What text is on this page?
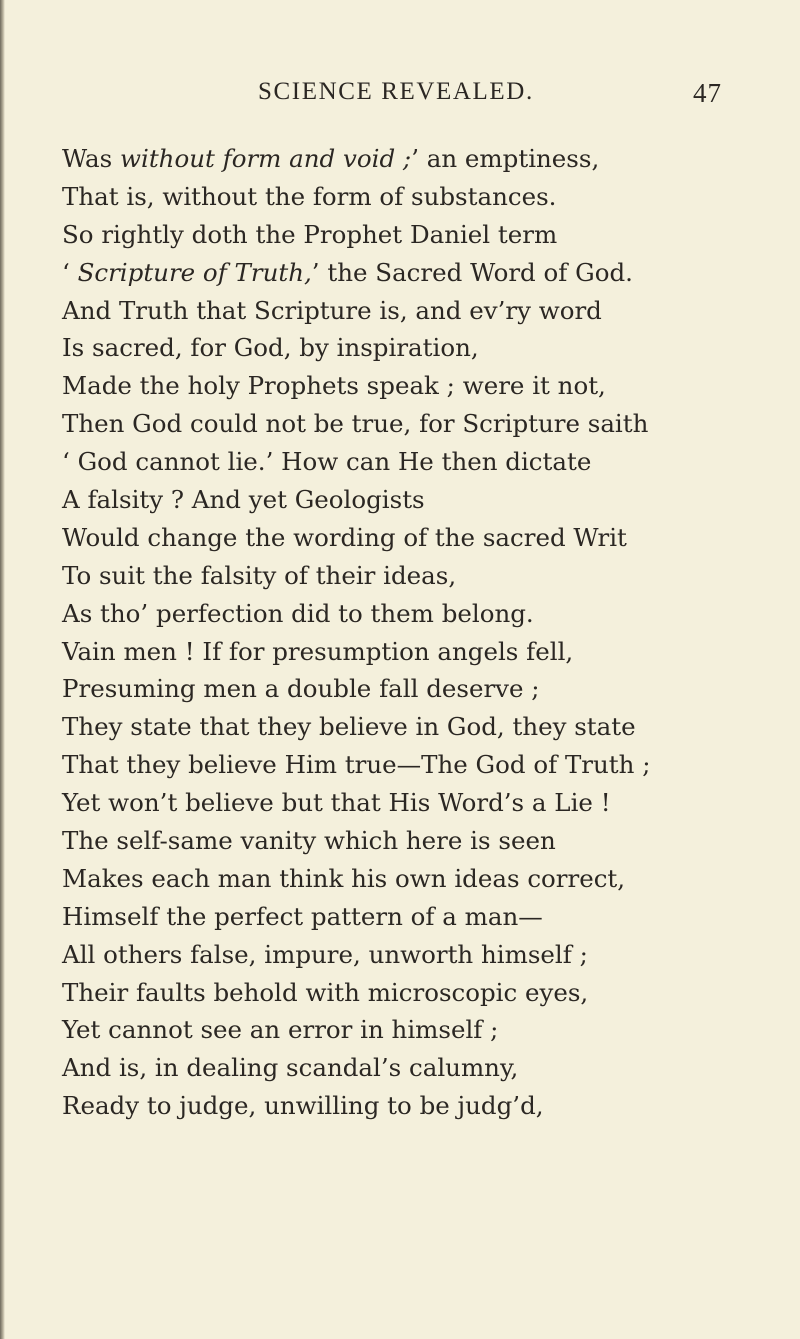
SCIENCE REVEALED.	47
Was without form and void ;’ an emptiness,
That is, without the form of substances.
So rightly doth the Prophet Daniel term
‘ Scripture of Truth,’ the Sacred Word of God.
And Truth that Scripture is, and ev’ry word
Is sacred, for God, by inspiration,
Made the holy Prophets speak ; were it not,
Then God could not be true, for Scripture saith
‘ God cannot lie.’ How can He then dictate
A falsity ? And yet Geologists
Would change the wording of the sacred Writ
To suit the falsity of their ideas,
As tho’ perfection did to them belong.
Vain men ! If for presumption angels fell,
Presuming men a double fall deserve ;
They state that they believe in God, they state
That they believe Him true—The God of Truth ;
Yet won’t believe but that His Word’s a Lie !
The self-same vanity which here is seen
Makes each man think his own ideas correct,
Himself the perfect pattern of a man—
All others false, impure, unworth himself ;
Their faults behold with microscopic eyes,
Yet cannot see an error in himself ;
And is, in dealing scandal’s calumny,
Ready to judge, unwilling to be judg’d,
